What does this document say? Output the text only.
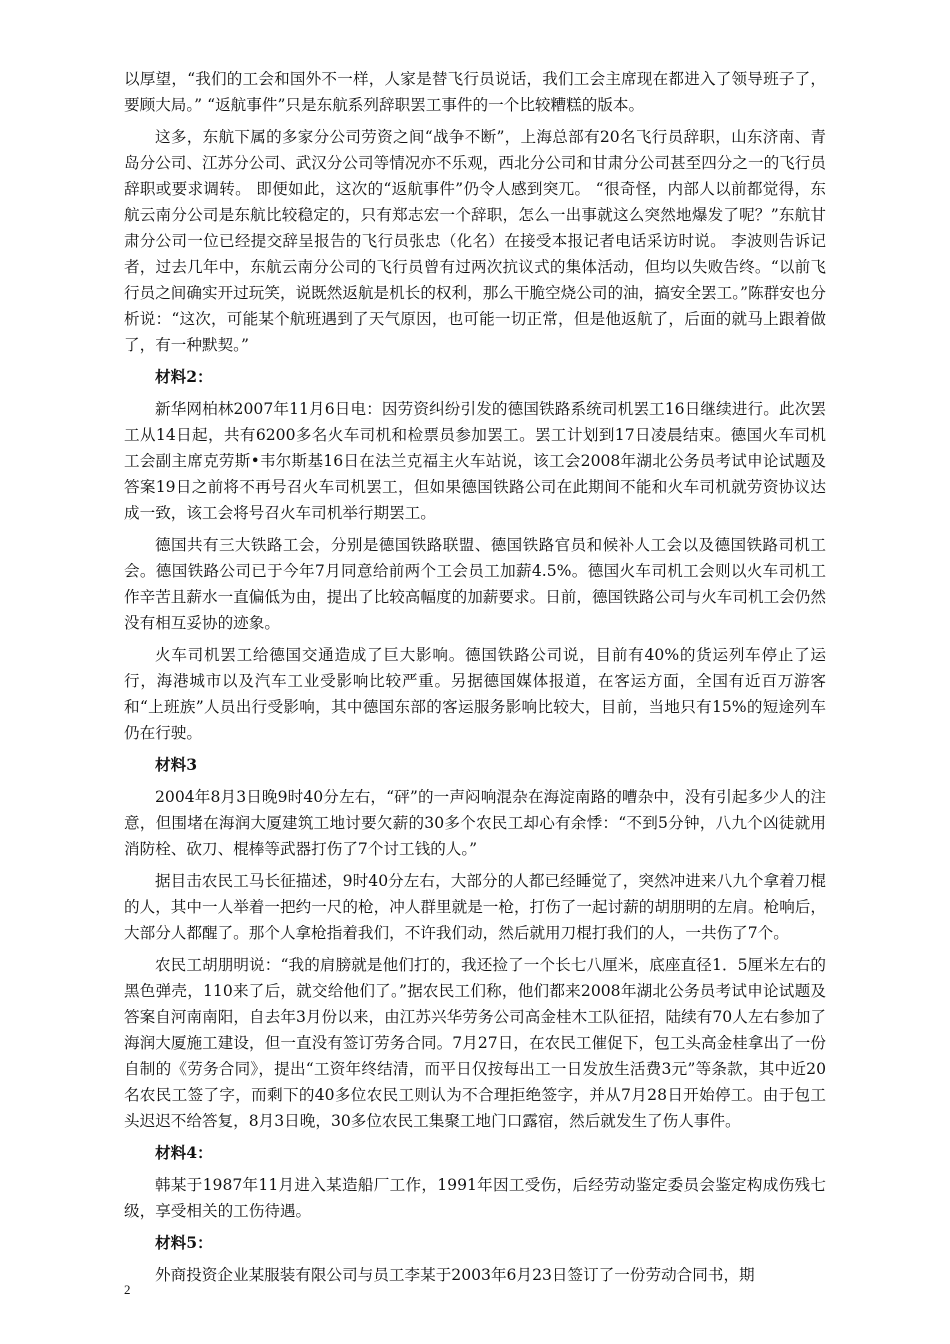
以厚望，“我们的工会和国外不一样，人家是替飞行员说话，我们工会主席现在都进入了领导班子了，要顾大局。” “返航事件”只是东航系列辞职罢工事件的一个比较糟糕的版本。

这多，东航下属的多家分公司劳资之间“战争不断”，上海总部有20名飞行员辞职，山东济南、青岛分公司、江苏分公司、武汉分公司等情况亦不乐观，西北分公司和甘肃分公司甚至四分之一的飞行员辞职或要求调转。 即便如此，这次的“返航事件”仍令人感到突兀。 “很奇怪，内部人以前都觉得，东航云南分公司是东航比较稳定的，只有郑志宏一个辞职，怎么一出事就这么突然地爆发了呢？”东航甘肃分公司一位已经提交辞呈报告的飞行员张忠（化名）在接受本报记者电话采访时说。 李波则告诉记者，过去几年中，东航云南分公司的飞行员曾有过两次抗议式的集体活动，但均以失败告终。“以前飞行员之间确实开过玩笑，说既然返航是机长的权利，那么干脆空烧公司的油，搞安全罢工。”陈群安也分析说：“这次，可能某个航班遇到了天气原因，也可能一切正常，但是他返航了，后面的就马上跟着做了，有一种默契。”

材料2：

新华网柏林2007年11月6日电：因劳资纠纷引发的德国铁路系统司机罢工16日继续进行。此次罢工从14日起，共有6200多名火车司机和检票员参加罢工。罢工计划到17日凌晨结束。德国火车司机工会副主席克劳斯•韦尔斯基16日在法兰克福主火车站说，该工会2008年湖北公务员考试申论试题及答案19日之前将不再号召火车司机罢工，但如果德国铁路公司在此期间不能和火车司机就劳资协议达成一致，该工会将号召火车司机举行期罢工。

德国共有三大铁路工会，分别是德国铁路联盟、德国铁路官员和候补人工会以及德国铁路司机工会。德国铁路公司已于今年7月同意给前两个工会员工加薪4.5%。德国火车司机工会则以火车司机工作辛苦且薪水一直偏低为由，提出了比较高幅度的加薪要求。日前，德国铁路公司与火车司机工会仍然没有相互妥协的迹象。

火车司机罢工给德国交通造成了巨大影响。德国铁路公司说，目前有40%的货运列车停止了运行，海港城市以及汽车工业受影响比较严重。另据德国媒体报道，在客运方面，全国有近百万游客和“上班族”人员出行受影响，其中德国东部的客运服务影响比较大，目前，当地只有15%的短途列车仍在行驶。

材料3

2004年8月3日晚9时40分左右，“砰”的一声闷响混杂在海淀南路的嘈杂中，没有引起多少人的注意，但围堵在海润大厦建筑工地讨要欠薪的30多个农民工却心有余悸：“不到5分钟，八九个凶徒就用消防栓、砍刀、棍棒等武器打伤了7个讨工钱的人。”

据目击农民工马长征描述，9时40分左右，大部分的人都已经睡觉了，突然冲进来八九个拿着刀棍的人，其中一人举着一把约一尺的枪，冲人群里就是一枪，打伤了一起讨薪的胡朋明的左肩。枪响后，大部分人都醒了。那个人拿枪指着我们，不许我们动，然后就用刀棍打我们的人，一共伤了7个。

农民工胡朋明说：“我的肩膀就是他们打的，我还捡了一个长七八厘米，底座直径1．5厘米左右的黑色弹壳，110来了后，就交给他们了。”据农民工们称，他们都来2008年湖北公务员考试申论试题及答案自河南南阳，自去年3月份以来，由江苏兴华劳务公司高金桂木工队征招，陆续有70人左右参加了海润大厦施工建设，但一直没有签订劳务合同。7月27日，在农民工催促下，包工头高金桂拿出了一份自制的《劳务合同》，提出“工资年终结清，而平日仅按每出工一日发放生活费3元”等条款，其中近20名农民工签了字，而剩下的40多位农民工则认为不合理拒绝签字，并从7月28日开始停工。由于包工头迟迟不给答复，8月3日晚，30多位农民工集聚工地门口露宿，然后就发生了伤人事件。

材料4：

韩某于1987年11月进入某造船厂工作，1991年因工受伤，后经劳动鉴定委员会鉴定构成伤残七级，享受相关的工伤待遇。

材料5：

外商投资企业某服装有限公司与员工李某于2003年6月23日签订了一份劳动合同书，期

2
